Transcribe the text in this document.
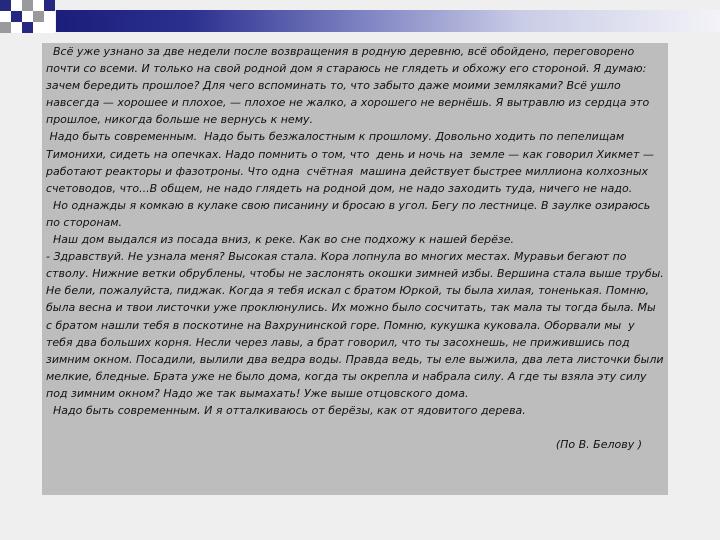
Всё уже узнано за две недели после возвращения в родную деревню, всё обойдено, переговорено почти со всеми. И только на свой родной дом я стараюсь не глядеть и обхожу его стороной. Я думаю: зачем бередить прошлое? Для чего вспоминать то, что забыто даже моими земляками? Всё ушло навсегда — хорошее и плохое, — плохое не жалко, а хорошего не вернёшь. Я вытравлю из сердца это прошлое, никогда больше не вернусь к нему.

Надо быть современным.  Надо быть безжалостным к прошлому. Довольно ходить по пепелищам Тимонихи, сидеть на опечках. Надо помнить о том, что  день и ночь на  земле — как говорил Хикмет — работают реакторы и фазотроны. Что одна  счётная  машина действует быстрее миллиона колхозных счетоводов, что...В общем, не надо глядеть на родной дом, не надо заходить туда, ничего не надо.

Но однажды я комкаю в кулаке свою писанину и бросаю в угол. Бегу по лестнице. В заулке озираюсь по сторонам.

Наш дом выдался из посада вниз, к реке. Как во сне подхожу к нашей берёзе.

- Здравствуй. Не узнала меня? Высокая стала. Кора лопнула во многих местах. Муравьи бегают по стволу. Нижние ветки обрублены, чтобы не заслонять окошки зимней избы. Вершина стала выше трубы. Не бели, пожалуйста, пиджак. Когда я тебя искал с братом Юркой, ты была хилая, тоненькая. Помню, была весна и твои листочки уже проклюнулись. Их можно было сосчитать, так мала ты тогда была. Мы с братом нашли тебя в поскотине на Вахрунинской горе. Помню, кукушка куковала. Оборвали мы  у тебя два больших корня. Несли через лавы, а брат говорил, что ты засохнешь, не прижившись под зимним окном. Посадили, вылили два ведра воды. Правда ведь, ты еле выжила, два лета листочки были мелкие, бледные. Брата уже не было дома, когда ты окрепла и набрала силу. А где ты взяла эту силу под зимним окном? Надо же так вымахать! Уже выше отцовского дома.

Надо быть современным. И я отталкиваюсь от берёзы, как от ядовитого дерева.

(По В. Белову )
